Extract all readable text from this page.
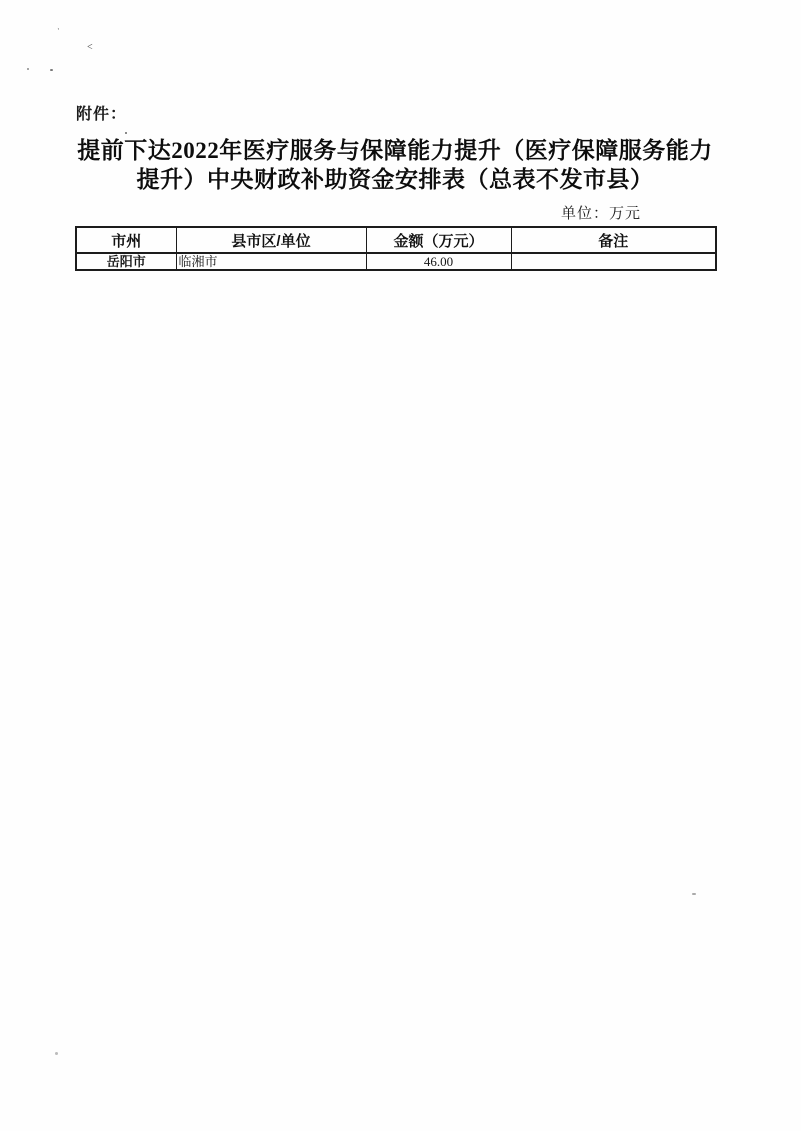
`
<
附件：
提前下达2022年医疗服务与保障能力提升（医疗保障服务能力
提升）中央财政补助资金安排表（总表不发市县）
单位：万元
市州	县市区/单位	金额（万元）	备注
岳阳市	临湘市	46.00	
